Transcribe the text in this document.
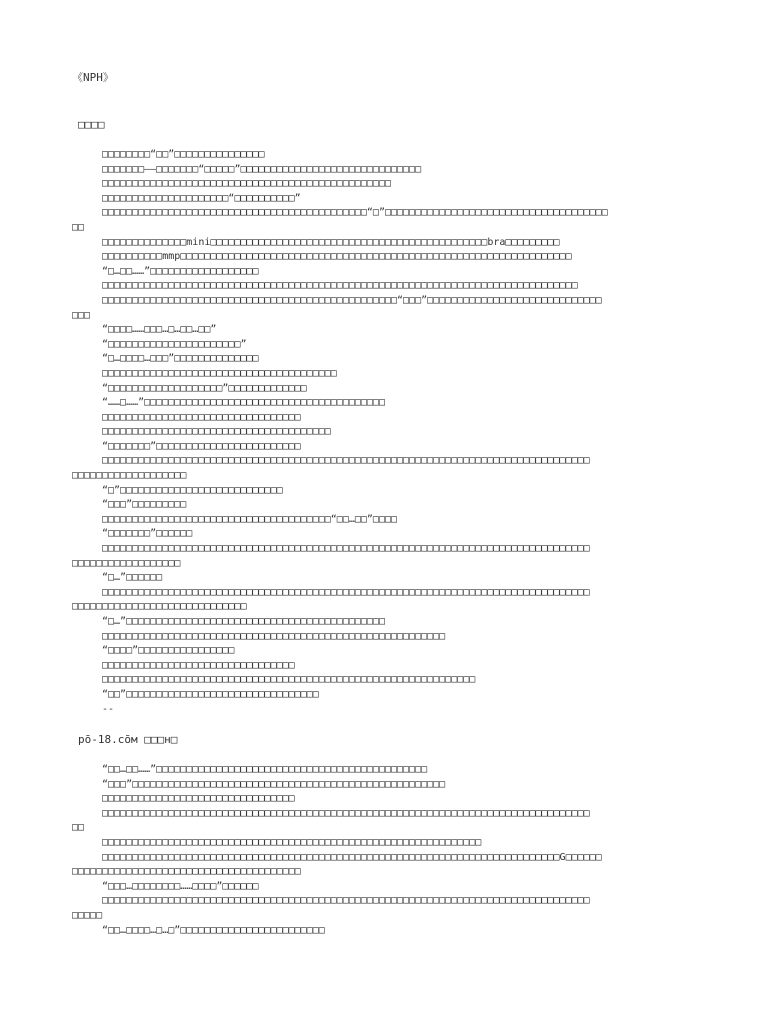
《NPH》
□□□□
□□□□□□□□“□□”□□□□□□□□□□□□□□□
□□□□□□□——□□□□□□□“□□□□□”□□□□□□□□□□□□□□□□□□□□□□□□□□□□□□
□□□□□□□□□□□□□□□□□□□□□□□□□□□□□□□□□□□□□□□□□□□□□□□□
□□□□□□□□□□□□□□□□□□□□□“□□□□□□□□□□”
□□□□□□□□□□□□□□□□□□□□□□□□□□□□□□□□□□□□□□□□□□□□“□”□□□□□□□□□□□□□□□□□□□□□□□□□□□□□□□□□□□□□
□□
□□□□□□□□□□□□□□mini□□□□□□□□□□□□□□□□□□□□□□□□□□□□□□□□□□□□□□□□□□□□□□bra□□□□□□□□□
□□□□□□□□□□mmp□□□□□□□□□□□□□□□□□□□□□□□□□□□□□□□□□□□□□□□□□□□□□□□□□□□□□□□□□□□□□□□□□
“□…□□……”□□□□□□□□□□□□□□□□□□
□□□□□□□□□□□□□□□□□□□□□□□□□□□□□□□□□□□□□□□□□□□□□□□□□□□□□□□□□□□□□□□□□□□□□□□□□□□□□□□
□□□□□□□□□□□□□□□□□□□□□□□□□□□□□□□□□□□□□□□□□□□□□□□□□“□□□”□□□□□□□□□□□□□□□□□□□□□□□□□□□□□
□□□
“□□□□……□□□…□…□□…□□”
“□□□□□□□□□□□□□□□□□□□□□□”
“□…□□□□…□□□”□□□□□□□□□□□□□□
□□□□□□□□□□□□□□□□□□□□□□□□□□□□□□□□□□□□□□□
“□□□□□□□□□□□□□□□□□□□”□□□□□□□□□□□□□
“……□……”□□□□□□□□□□□□□□□□□□□□□□□□□□□□□□□□□□□□□□□□
□□□□□□□□□□□□□□□□□□□□□□□□□□□□□□□□□
□□□□□□□□□□□□□□□□□□□□□□□□□□□□□□□□□□□□□□
“□□□□□□□”□□□□□□□□□□□□□□□□□□□□□□□□
□□□□□□□□□□□□□□□□□□□□□□□□□□□□□□□□□□□□□□□□□□□□□□□□□□□□□□□□□□□□□□□□□□□□□□□□□□□□□□□□□
□□□□□□□□□□□□□□□□□□□
“□”□□□□□□□□□□□□□□□□□□□□□□□□□□□
“□□□”□□□□□□□□□
□□□□□□□□□□□□□□□□□□□□□□□□□□□□□□□□□□□□□□“□□…□□”□□□□
“□□□□□□□”□□□□□□
□□□□□□□□□□□□□□□□□□□□□□□□□□□□□□□□□□□□□□□□□□□□□□□□□□□□□□□□□□□□□□□□□□□□□□□□□□□□□□□□□
□□□□□□□□□□□□□□□□□□
“□…”□□□□□□
□□□□□□□□□□□□□□□□□□□□□□□□□□□□□□□□□□□□□□□□□□□□□□□□□□□□□□□□□□□□□□□□□□□□□□□□□□□□□□□□□
□□□□□□□□□□□□□□□□□□□□□□□□□□□□□
“□…”□□□□□□□□□□□□□□□□□□□□□□□□□□□□□□□□□□□□□□□□□□□
□□□□□□□□□□□□□□□□□□□□□□□□□□□□□□□□□□□□□□□□□□□□□□□□□□□□□□□□□
“□□□□”□□□□□□□□□□□□□□□□
□□□□□□□□□□□□□□□□□□□□□□□□□□□□□□□□
□□□□□□□□□□□□□□□□□□□□□□□□□□□□□□□□□□□□□□□□□□□□□□□□□□□□□□□□□□□□□□
“□□”□□□□□□□□□□□□□□□□□□□□□□□□□□□□□□□□
--
pō-18.cōм □□□н□
“□□…□□……”□□□□□□□□□□□□□□□□□□□□□□□□□□□□□□□□□□□□□□□□□□□□□
“□□□”□□□□□□□□□□□□□□□□□□□□□□□□□□□□□□□□□□□□□□□□□□□□□□□□□□□□
□□□□□□□□□□□□□□□□□□□□□□□□□□□□□□□□
□□□□□□□□□□□□□□□□□□□□□□□□□□□□□□□□□□□□□□□□□□□□□□□□□□□□□□□□□□□□□□□□□□□□□□□□□□□□□□□□□
□□
□□□□□□□□□□□□□□□□□□□□□□□□□□□□□□□□□□□□□□□□□□□□□□□□□□□□□□□□□□□□□□□
□□□□□□□□□□□□□□□□□□□□□□□□□□□□□□□□□□□□□□□□□□□□□□□□□□□□□□□□□□□□□□□□□□□□□□□□□□□□G□□□□□□
□□□□□□□□□□□□□□□□□□□□□□□□□□□□□□□□□□□□□□
“□□□…□□□□□□□□……□□□□”□□□□□□
□□□□□□□□□□□□□□□□□□□□□□□□□□□□□□□□□□□□□□□□□□□□□□□□□□□□□□□□□□□□□□□□□□□□□□□□□□□□□□□□□
□□□□□
“□□…□□□□…□…□”□□□□□□□□□□□□□□□□□□□□□□□□
